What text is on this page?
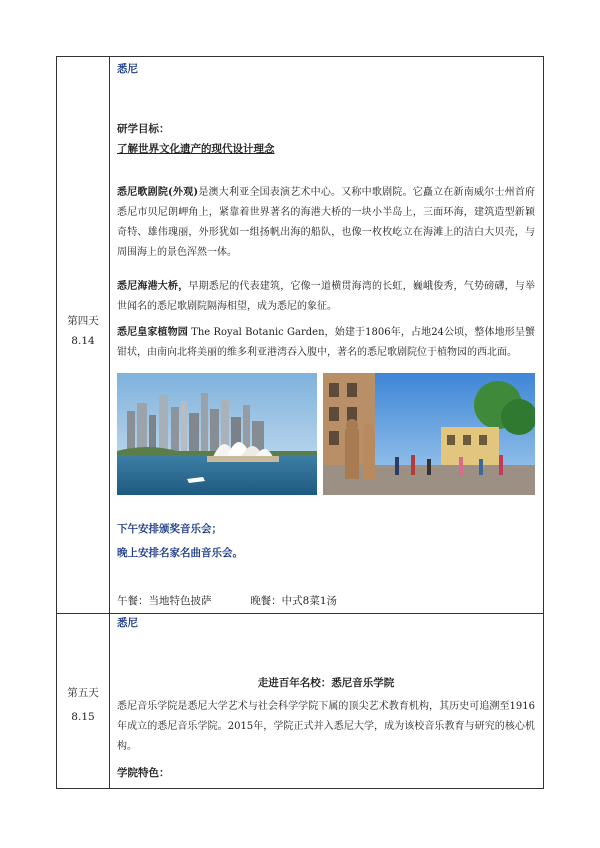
第四天
8.14
悉尼
研学目标：
了解世界文化遗产的现代设计理念
悉尼歌剧院(外观)是澳大利亚全国表演艺术中心。又称中歌剧院。它矗立在新南威尔士州首府悉尼市贝尼朗岬角上，紧靠着世界著名的海港大桥的一块小半岛上，三面环海，建筑造型新颖奇特、雄伟瑰丽，外形犹如一组扬帆出海的船队，也像一枚枚屹立在海滩上的洁白大贝壳，与周围海上的景色浑然一体。
悉尼海港大桥，早期悉尼的代表建筑，它像一道横贯海湾的长虹，巍峨俊秀，气势磅礴，与举世闻名的悉尼歌剧院隔海相望，成为悉尼的象征。
悉尼皇家植物园 The Royal Botanic Garden，始建于1806年，占地24公顷，整体地形呈蟹钳状，由南向北将美丽的维多利亚港湾吞入腹中，著名的悉尼歌剧院位于植物园的西北面。
下午安排颁奖音乐会；
晚上安排名家名曲音乐会。
午餐：当地特色披萨	晚餐：中式8菜1汤
第五天
8.15
悉尼
走进百年名校：悉尼音乐学院
悉尼音乐学院是悉尼大学艺术与社会科学学院下属的顶尖艺术教育机构，其历史可追溯至1916年成立的悉尼音乐学院。2015年，学院正式并入悉尼大学，成为该校音乐教育与研究的核心机构。
学院特色：
